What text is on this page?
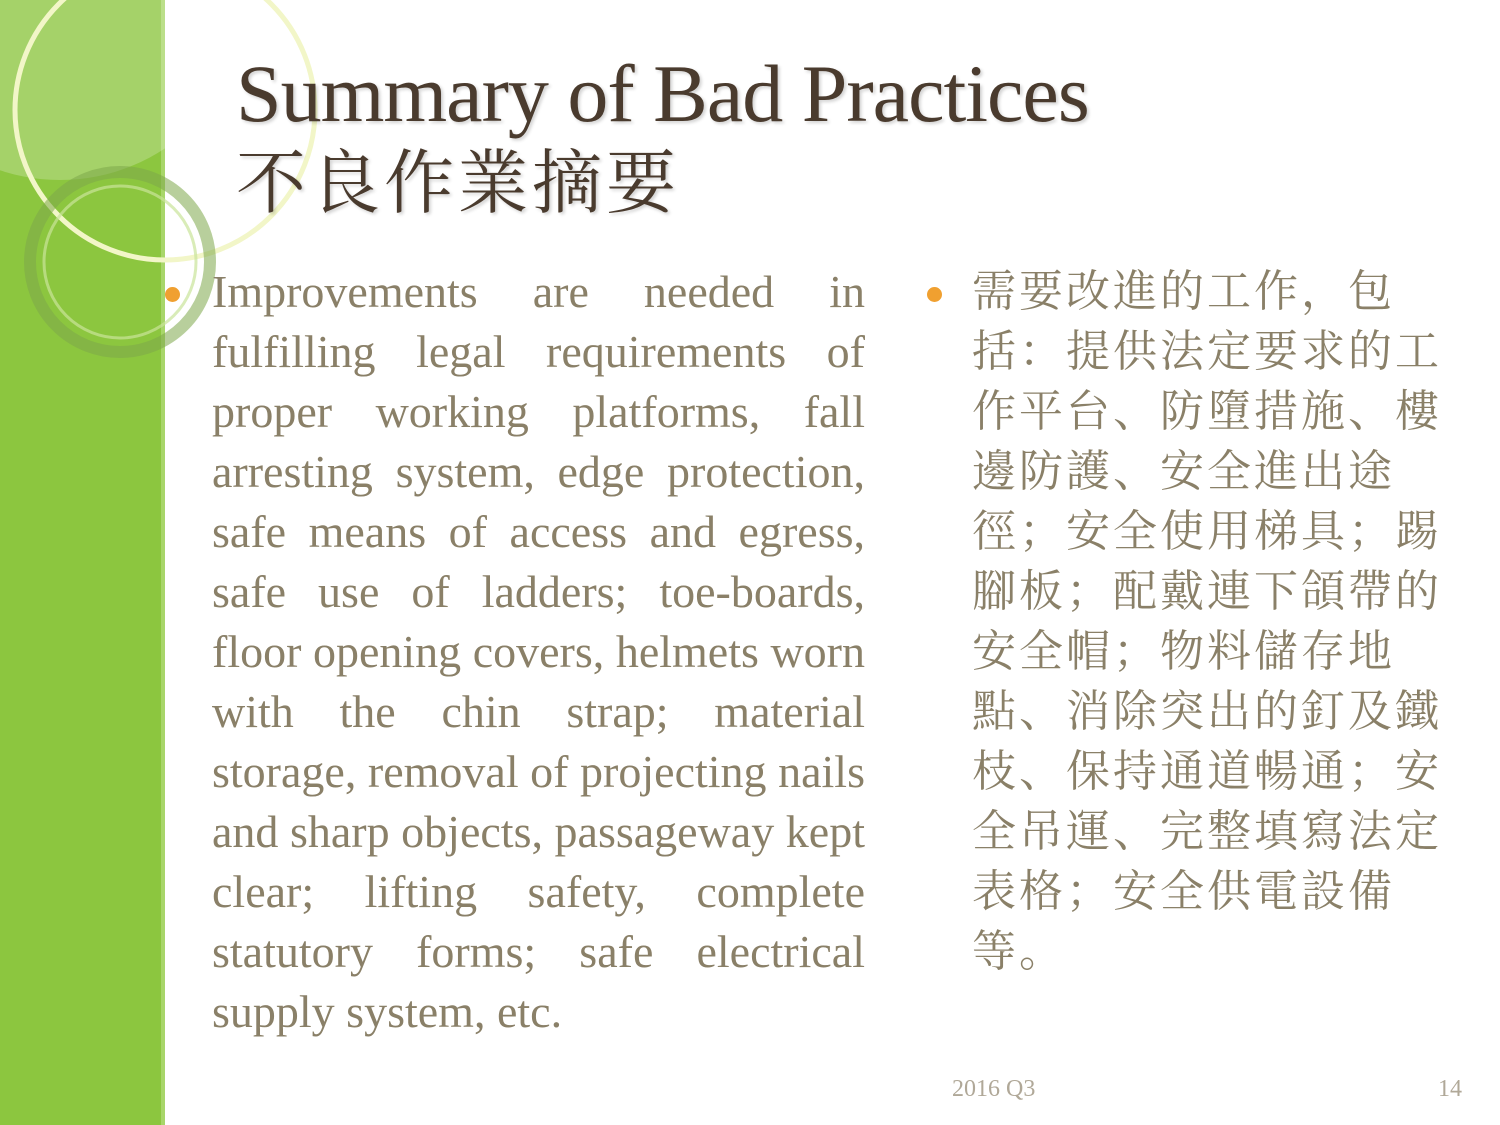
Summary of Bad Practices
不良作業摘要

Improvements are needed in fulfilling legal requirements of proper working platforms, fall arresting system, edge protection, safe means of access and egress, safe use of ladders; toe-boards, floor opening covers, helmets worn with the chin strap; material storage, removal of projecting nails and sharp objects, passageway kept clear; lifting safety, complete statutory forms; safe electrical supply system, etc.

需要改進的工作，包括：提供法定要求的工作平台、防墮措施、樓邊防護、安全進出途徑；安全使用梯具；踢腳板；配戴連下頜帶的安全帽；物料儲存地點、消除突出的釘及鐵枝、保持通道暢通；安全吊運、完整填寫法定表格；安全供電設備等。

2016 Q3	14
